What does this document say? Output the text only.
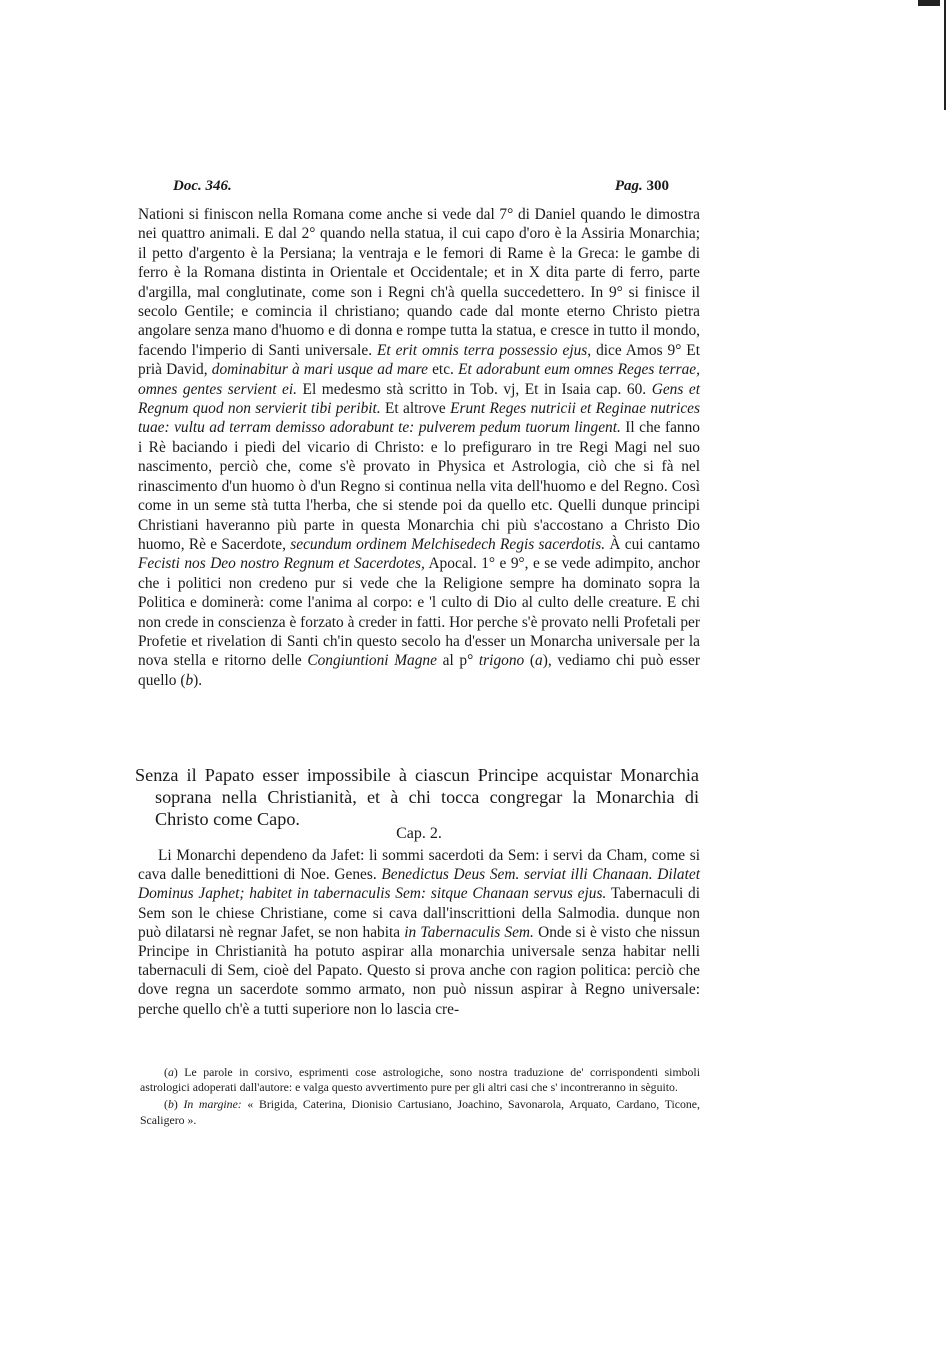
Doc. 346.	Pag. 300

Nationi si finiscon nella Romana come anche si vede dal 7° di Daniel quando le dimostra nei quattro animali. E dal 2° quando nella statua, il cui capo d'oro è la Assiria Monarchia; il petto d'argento è la Persiana; la ventraja e le femori di Rame è la Greca: le gambe di ferro è la Romana distinta in Orientale et Occidentale; et in X dita parte di ferro, parte d'argilla, mal conglutinate, come son i Regni ch'à quella succedettero. In 9° si finisce il secolo Gentile; e comincia il christiano; quando cade dal monte eterno Christo pietra angolare senza mano d'huomo e di donna e rompe tutta la statua, e cresce in tutto il mondo, facendo l'imperio di Santi universale. Et erit omnis terra possessio ejus, dice Amos 9° Et prià David, dominabitur à mari usque ad mare etc. Et adorabunt eum omnes Reges terrae, omnes gentes servient ei. El medesmo stà scritto in Tob. vj, Et in Isaia cap. 60. Gens et Regnum quod non servierit tibi peribit. Et altrove Erunt Reges nutricii et Reginae nutrices tuae: vultu ad terram demisso adorabunt te: pulverem pedum tuorum lingent. Il che fanno i Rè baciando i piedi del vicario di Christo: e lo prefiguraro in tre Regi Magi nel suo nascimento, perciò che, come s'è provato in Physica et Astrologia, ciò che si fà nel rinascimento d'un huomo ò d'un Regno si continua nella vita dell'huomo e del Regno. Così come in un seme stà tutta l'herba, che si stende poi da quello etc. Quelli dunque principi Christiani haveranno più parte in questa Monarchia chi più s'accostano a Christo Dio huomo, Rè e Sacerdote, secundum ordinem Melchisedech Regis sacerdotis. À cui cantamo Fecisti nos Deo nostro Regnum et Sacerdotes, Apocal. 1° e 9°, e se vede adimpito, anchor che i politici non credeno pur si vede che la Religione sempre ha dominato sopra la Politica e dominerà: come l'anima al corpo: e 'l culto di Dio al culto delle creature. E chi non crede in conscienza è forzato à creder in fatti. Hor perche s'è provato nelli Profetali per Profetie et rivelation di Santi ch'in questo secolo ha d'esser un Monarcha universale per la nova stella e ritorno delle Congiuntioni Magne al p° trigono (a), vediamo chi può esser quello (b).

Senza il Papato esser impossibile à ciascun Principe acquistar Monarchia soprana nella Christianità, et à chi tocca congregar la Monarchia di Christo come Capo.

Cap. 2.

Li Monarchi dependeno da Jafet: li sommi sacerdoti da Sem: i servi da Cham, come si cava dalle benedittioni di Noe. Genes. Benedictus Deus Sem. serviat illi Chanaan. Dilatet Dominus Japhet; habitet in tabernaculis Sem: sitque Chanaan servus ejus. Tabernaculi di Sem son le chiese Christiane, come si cava dall'inscrittioni della Salmodia. dunque non può dilatarsi nè regnar Jafet, se non habita in Tabernaculis Sem. Onde si è visto che nissun Principe in Christianità ha potuto aspirar alla monarchia universale senza habitar nelli tabernaculi di Sem, cioè del Papato. Questo si prova anche con ragion politica: perciò che dove regna un sacerdote sommo armato, non può nissun aspirar à Regno universale: perche quello ch'è a tutti superiore non lo lascia cre-

(a) Le parole in corsivo, esprimenti cose astrologiche, sono nostra traduzione de' corrispondenti simboli astrologici adoperati dall'autore: e valga questo avvertimento pure per gli altri casi che s' incontreranno in sèguito.

(b) In margine: « Brigida, Caterina, Dionisio Cartusiano, Joachino, Savonarola, Arquato, Cardano, Ticone, Scaligero ».
